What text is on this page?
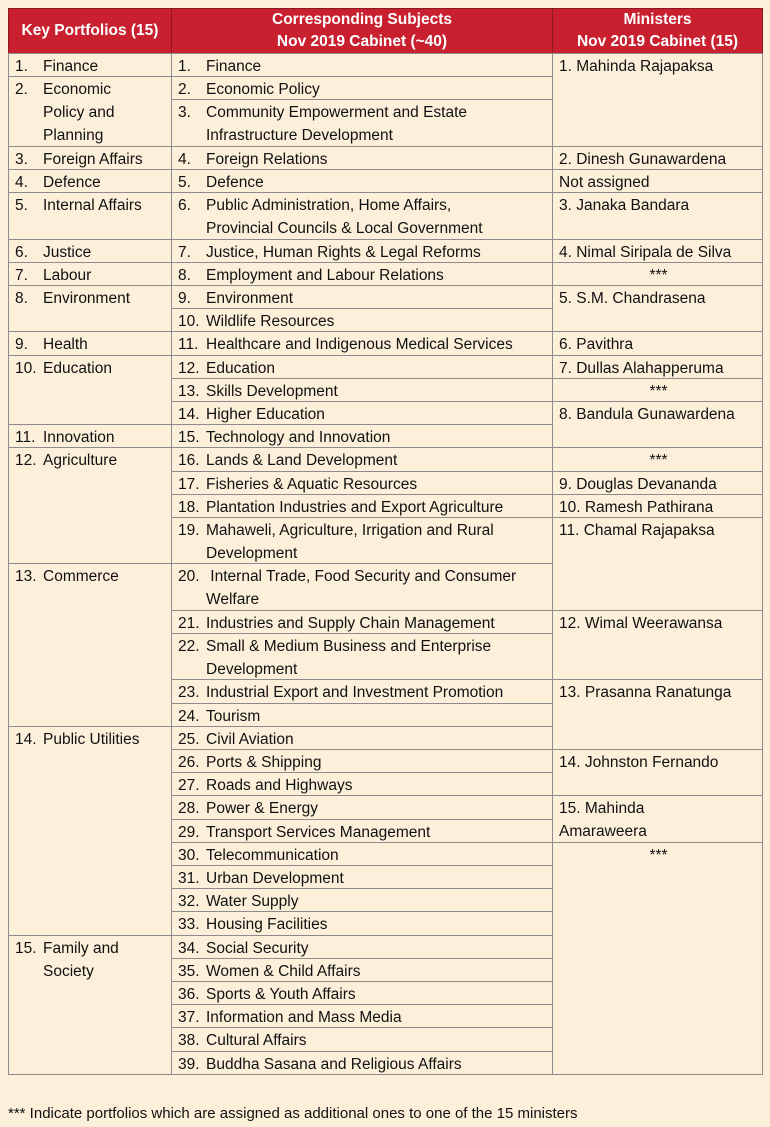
Key Portfolios (15)
Corresponding Subjects
Nov 2019 Cabinet (~40)
Ministers
Nov 2019 Cabinet (15)
1. Finance
2. Economic
Policy and
Planning
3. Foreign Affairs
4. Defence
5. Internal Affairs
6. Justice
7. Labour
8. Environment
9. Health
10. Education
11. Innovation
12. Agriculture
13. Commerce
14. Public Utilities
15. Family and
Society
1. Finance
2. Economic Policy
3. Community Empowerment and Estate
Infrastructure Development
4. Foreign Relations
5. Defence
6. Public Administration, Home Affairs,
Provincial Councils & Local Government
7. Justice, Human Rights & Legal Reforms
8. Employment and Labour Relations
9. Environment
10. Wildlife Resources
11. Healthcare and Indigenous Medical Services
12. Education
13. Skills Development
14. Higher Education
15. Technology and Innovation
16. Lands & Land Development
17. Fisheries & Aquatic Resources
18. Plantation Industries and Export Agriculture
19. Mahaweli, Agriculture, Irrigation and Rural
Development
20. Internal Trade, Food Security and Consumer
Welfare
21. Industries and Supply Chain Management
22. Small & Medium Business and Enterprise
Development
23. Industrial Export and Investment Promotion
24. Tourism
25. Civil Aviation
26. Ports & Shipping
27. Roads and Highways
28. Power & Energy
29. Transport Services Management
30. Telecommunication
31. Urban Development
32. Water Supply
33. Housing Facilities
34. Social Security
35. Women & Child Affairs
36. Sports & Youth Affairs
37. Information and Mass Media
38. Cultural Affairs
39. Buddha Sasana and Religious Affairs
1. Mahinda Rajapaksa
2. Dinesh Gunawardena
Not assigned
3. Janaka Bandara
4. Nimal Siripala de Silva
***
5. S.M. Chandrasena
6. Pavithra
7. Dullas Alahapperuma
***
8. Bandula Gunawardena
***
9. Douglas Devananda
10. Ramesh Pathirana
11. Chamal Rajapaksa
12. Wimal Weerawansa
13. Prasanna Ranatunga
14. Johnston Fernando
15. Mahinda
Amaraweera
***
*** Indicate portfolios which are assigned as additional ones to one of the 15 ministers
